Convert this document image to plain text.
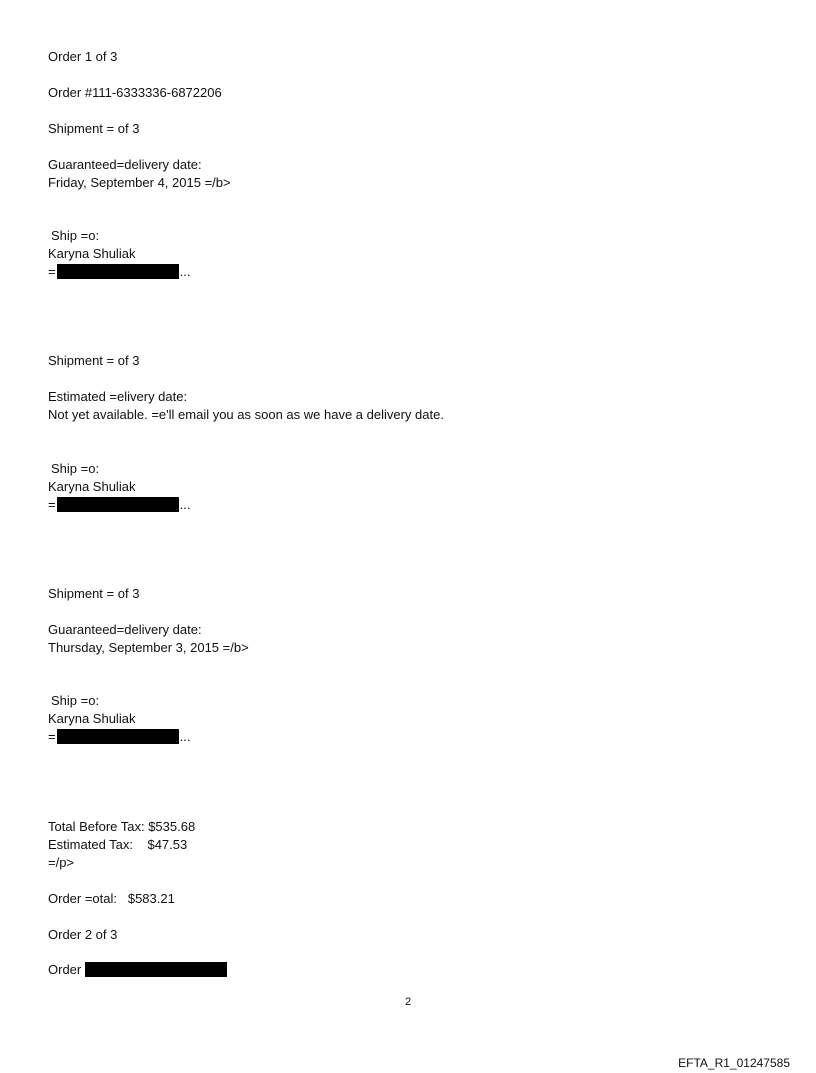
Order 1 of 3
Order #111-6333336-6872206
Shipment = of 3
Guaranteed=delivery date:
Friday, September 4, 2015 =/b>
Ship =o:
Karyna Shuliak
=	...
Shipment = of 3
Estimated =elivery date:
Not yet available. =e'll email you as soon as we have a delivery date.
Ship =o:
Karyna Shuliak
=	...
Shipment = of 3
Guaranteed=delivery date:
Thursday, September 3, 2015 =/b>
Ship =o:
Karyna Shuliak
=	...
Total Before Tax: $535.68
Estimated Tax:    $47.53
=/p>
Order =otal:   $583.21
Order 2 of 3
Order
2
EFTA_R1_01247585
